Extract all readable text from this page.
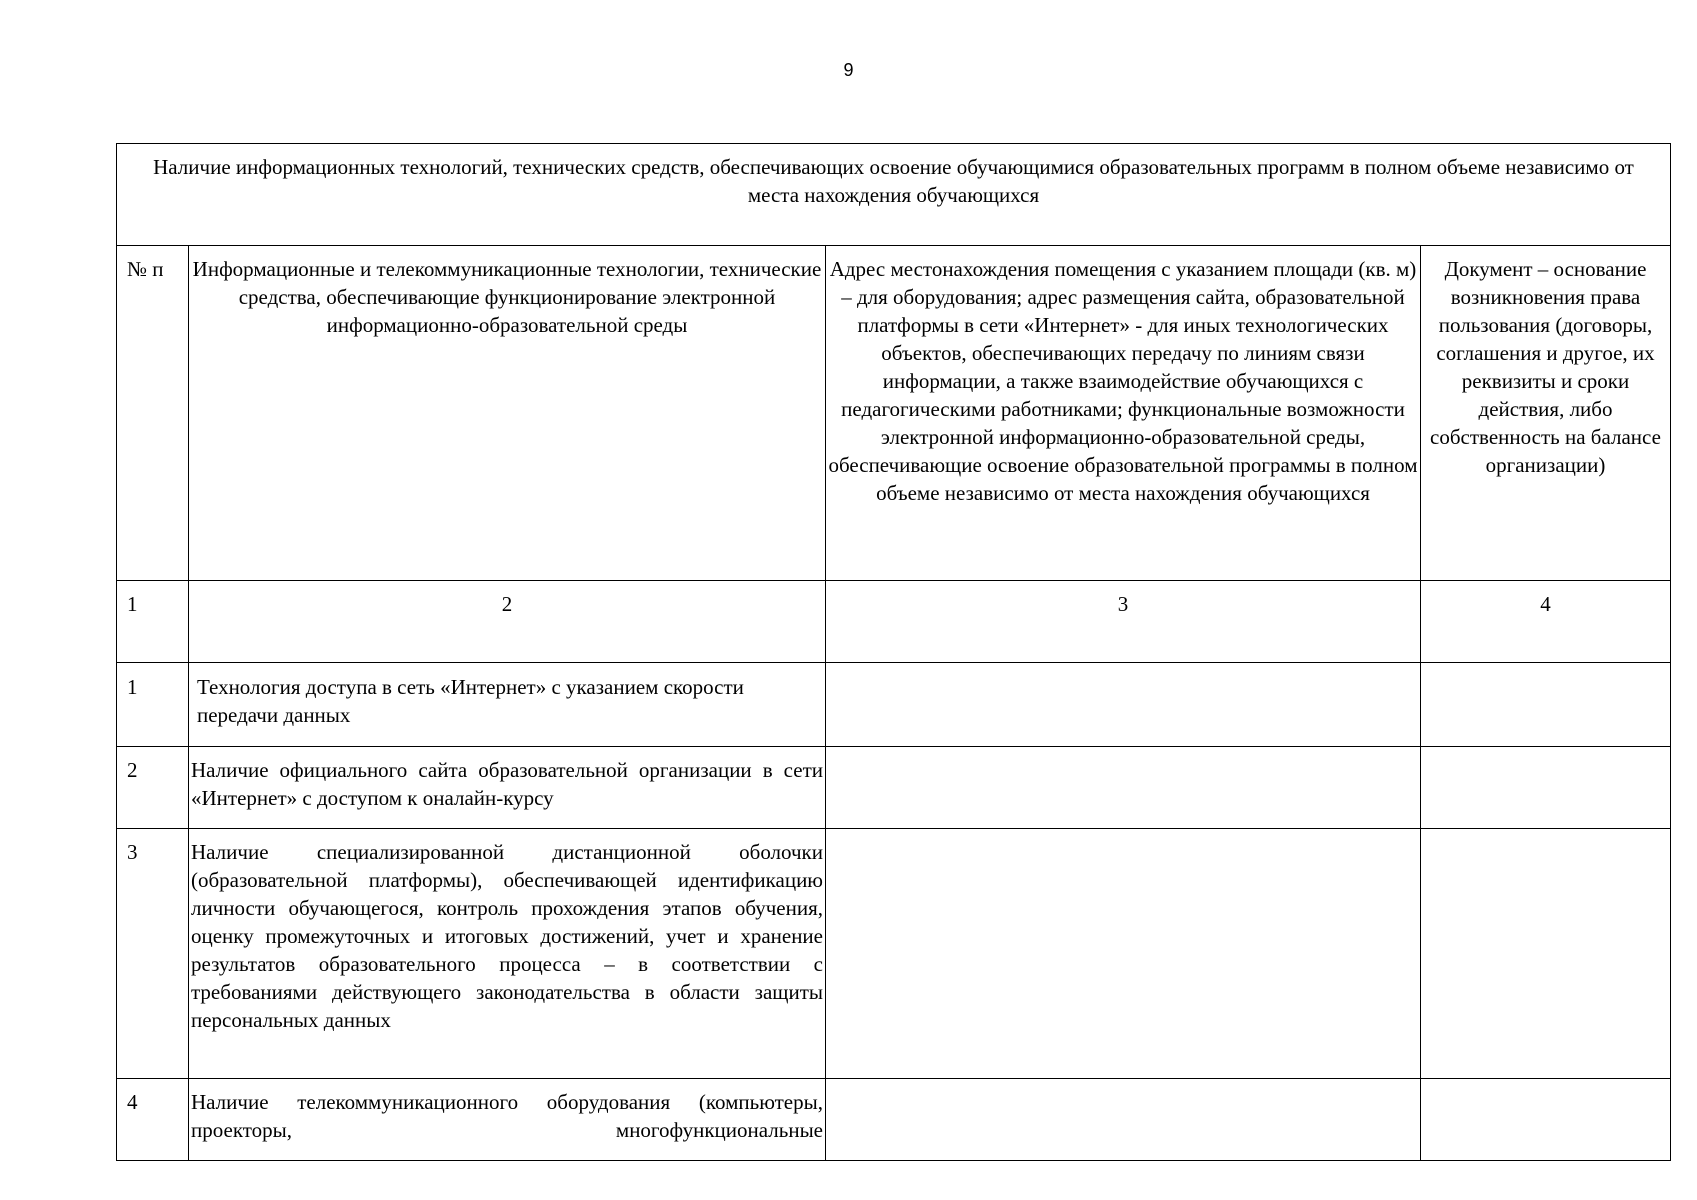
9
Наличие информационных технологий, технических средств, обеспечивающих освоение обучающимися образовательных программ в полном объеме независимо от места нахождения обучающихся			
№ п	Информационные и телекоммуникационные технологии, технические средства, обеспечивающие функционирование электронной информационно-образовательной среды	Адрес местонахождения помещения с указанием площади (кв. м) – для оборудования; адрес размещения сайта, образовательной платформы в сети «Интернет» - для иных технологических объектов, обеспечивающих передачу по линиям связи информации, а также взаимодействие обучающихся с педагогическими работниками; функциональные возможности электронной информационно-образовательной среды, обеспечивающие освоение образовательной программы в полном объеме независимо от места нахождения обучающихся	Документ – основание возникновения права пользования (договоры, соглашения и другое, их реквизиты и сроки действия, либо собственность на балансе организации)
1	2	3	4
1	Технология доступа в сеть «Интернет» с указанием скорости передачи данных		
2	Наличие официального сайта образовательной организации в сети «Интернет» с доступом к оналайн-курсу		
3	Наличие специализированной дистанционной оболочки (образовательной платформы), обеспечивающей идентификацию личности обучающегося, контроль прохождения этапов обучения, оценку промежуточных и итоговых достижений, учет и хранение результатов образовательного процесса – в соответствии с требованиями действующего законодательства в области защиты персональных данных		
4	Наличие телекоммуникационного оборудования (компьютеры, проекторы, многофункциональные		
